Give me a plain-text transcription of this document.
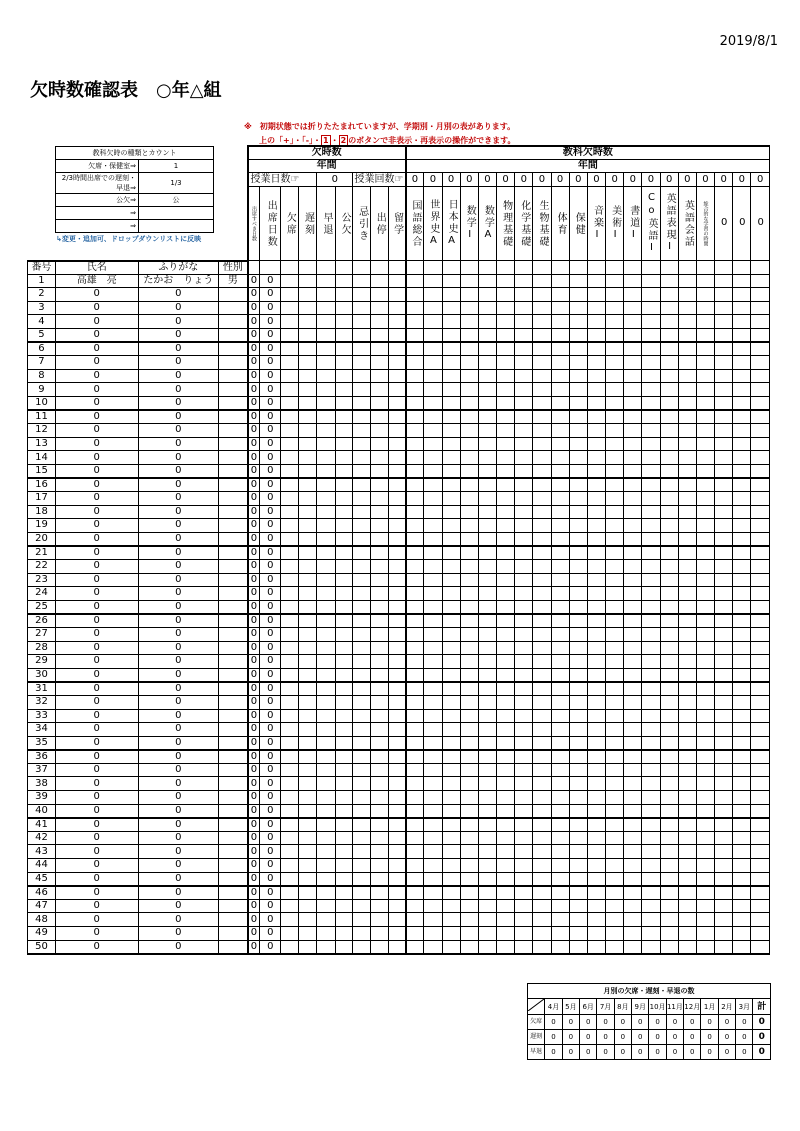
2019/8/1
欠時数確認表　○年△組
※　初期状態では折りたたまれていますが、学期別・月別の表があります。
上の「+」・「-」・ 1 ・ 2 のボタンで非表示・再表示の操作ができます。
教科欠時の種類とカウント	
欠席・保健室⇒	1
2/3時間出席での遅刻・早退⇒	1/3
公欠⇒	公
⇒	
⇒	
↳変更・追加可、ドロップダウンリストに反映
				欠時数									教科欠時数																			
				年間									年間																			
				授業日数☞				0		授業回数☞			0	0	0	0	0	0	0	0	0	0	0	0	0	0	0	0	0	0	0	0

				出席すべき日数	出席日数	欠席	遅刻	早退	公欠	忌引き	出停	留学	国語総合	世界史A	日本史A	数学I	数学A	物理基礎	化学基礎	生物基礎	体育	保健	音楽I	美術I	書道I	Co英語I	英語表現I	英語会話	総合的な学習の時間	0	0	0

番号	氏名	ふりがな	性別																													
1	高雄　亮	たかお　りょう	男	0	0																											
2	0	0		0	0																											
3	0	0		0	0																											
4	0	0		0	0																											
5	0	0		0	0																											
6	0	0		0	0																											
7	0	0		0	0																											
8	0	0		0	0																											
9	0	0		0	0																											
10	0	0		0	0																											
11	0	0		0	0																											
12	0	0		0	0																											
13	0	0		0	0																											
14	0	0		0	0																											
15	0	0		0	0																											
16	0	0		0	0																											
17	0	0		0	0																											
18	0	0		0	0																											
19	0	0		0	0																											
20	0	0		0	0																											
21	0	0		0	0																											
22	0	0		0	0																											
23	0	0		0	0																											
24	0	0		0	0																											
25	0	0		0	0																											
26	0	0		0	0																											
27	0	0		0	0																											
28	0	0		0	0																											
29	0	0		0	0																											
30	0	0		0	0																											
31	0	0		0	0																											
32	0	0		0	0																											
33	0	0		0	0																											
34	0	0		0	0																											
35	0	0		0	0																											
36	0	0		0	0																											
37	0	0		0	0																											
38	0	0		0	0																											
39	0	0		0	0																											
40	0	0		0	0																											
41	0	0		0	0																											
42	0	0		0	0																											
43	0	0		0	0																											
44	0	0		0	0																											
45	0	0		0	0																											
46	0	0		0	0																											
47	0	0		0	0																											
48	0	0		0	0																											
49	0	0		0	0																											
50	0	0		0	0																											
月別の欠席・遅刻・早退の数													
	4月	5月	6月	7月	8月	9月	10月	11月	12月	1月	2月	3月	計
欠席	0	0	0	0	0	0	0	0	0	0	0	0	0
遅刻	0	0	0	0	0	0	0	0	0	0	0	0	0
早退	0	0	0	0	0	0	0	0	0	0	0	0	0
